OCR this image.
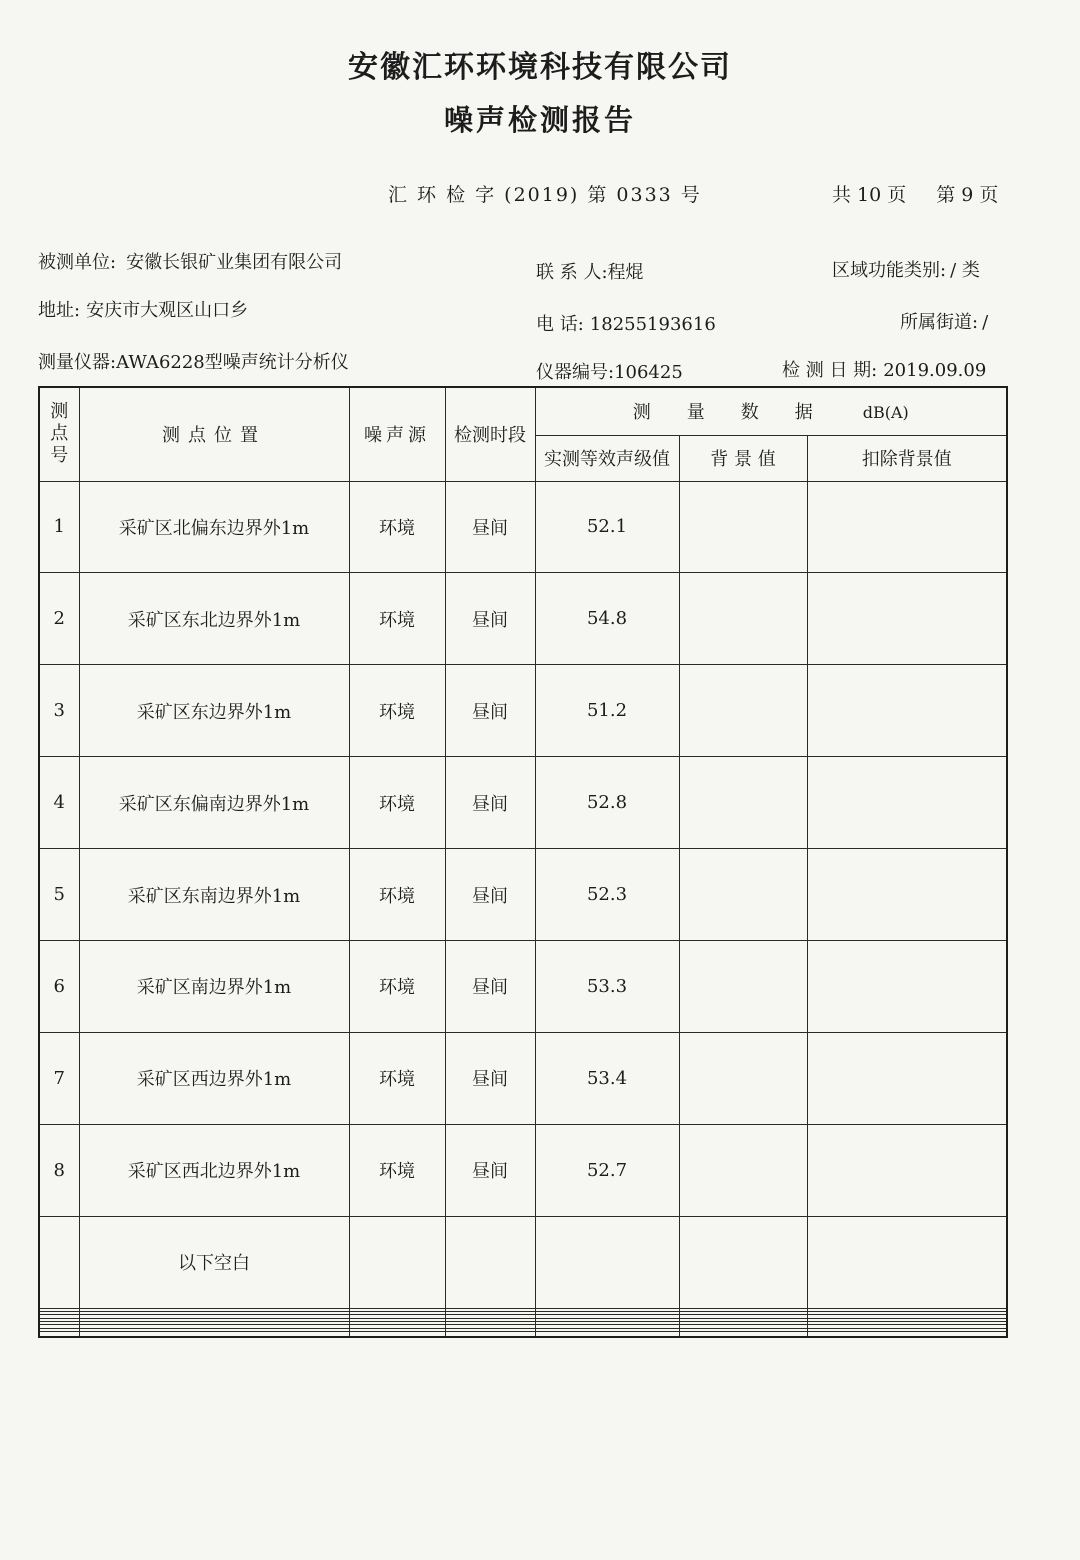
安徽汇环环境科技有限公司
噪声检测报告
汇 环 检 字 (2019) 第 0333 号	共 10 页 第 9 页
被测单位: 安徽长银矿业集团有限公司	联 系 人:程焜	区域功能类别: / 类
地址: 安庆市大观区山口乡
电 话: 18255193616	所属街道: /
测量仪器:AWA6228型噪声统计分析仪	仪器编号:106425	检 测 日 期: 2019.09.09
测
点
号	测点位置	噪声源	检测时段	测量数据 dB(A)		
				实测等效声级值	背 景 值	扣除背景值
1	采矿区北偏东边界外1m	环境	昼间	52.1		
2	采矿区东北边界外1m	环境	昼间	54.8		
3	采矿区东边界外1m	环境	昼间	51.2		
4	采矿区东偏南边界外1m	环境	昼间	52.8		
5	采矿区东南边界外1m	环境	昼间	52.3		
6	采矿区南边界外1m	环境	昼间	53.3		
7	采矿区西边界外1m	环境	昼间	53.4		
8	采矿区西北边界外1m	环境	昼间	52.7		
	以下空白					
